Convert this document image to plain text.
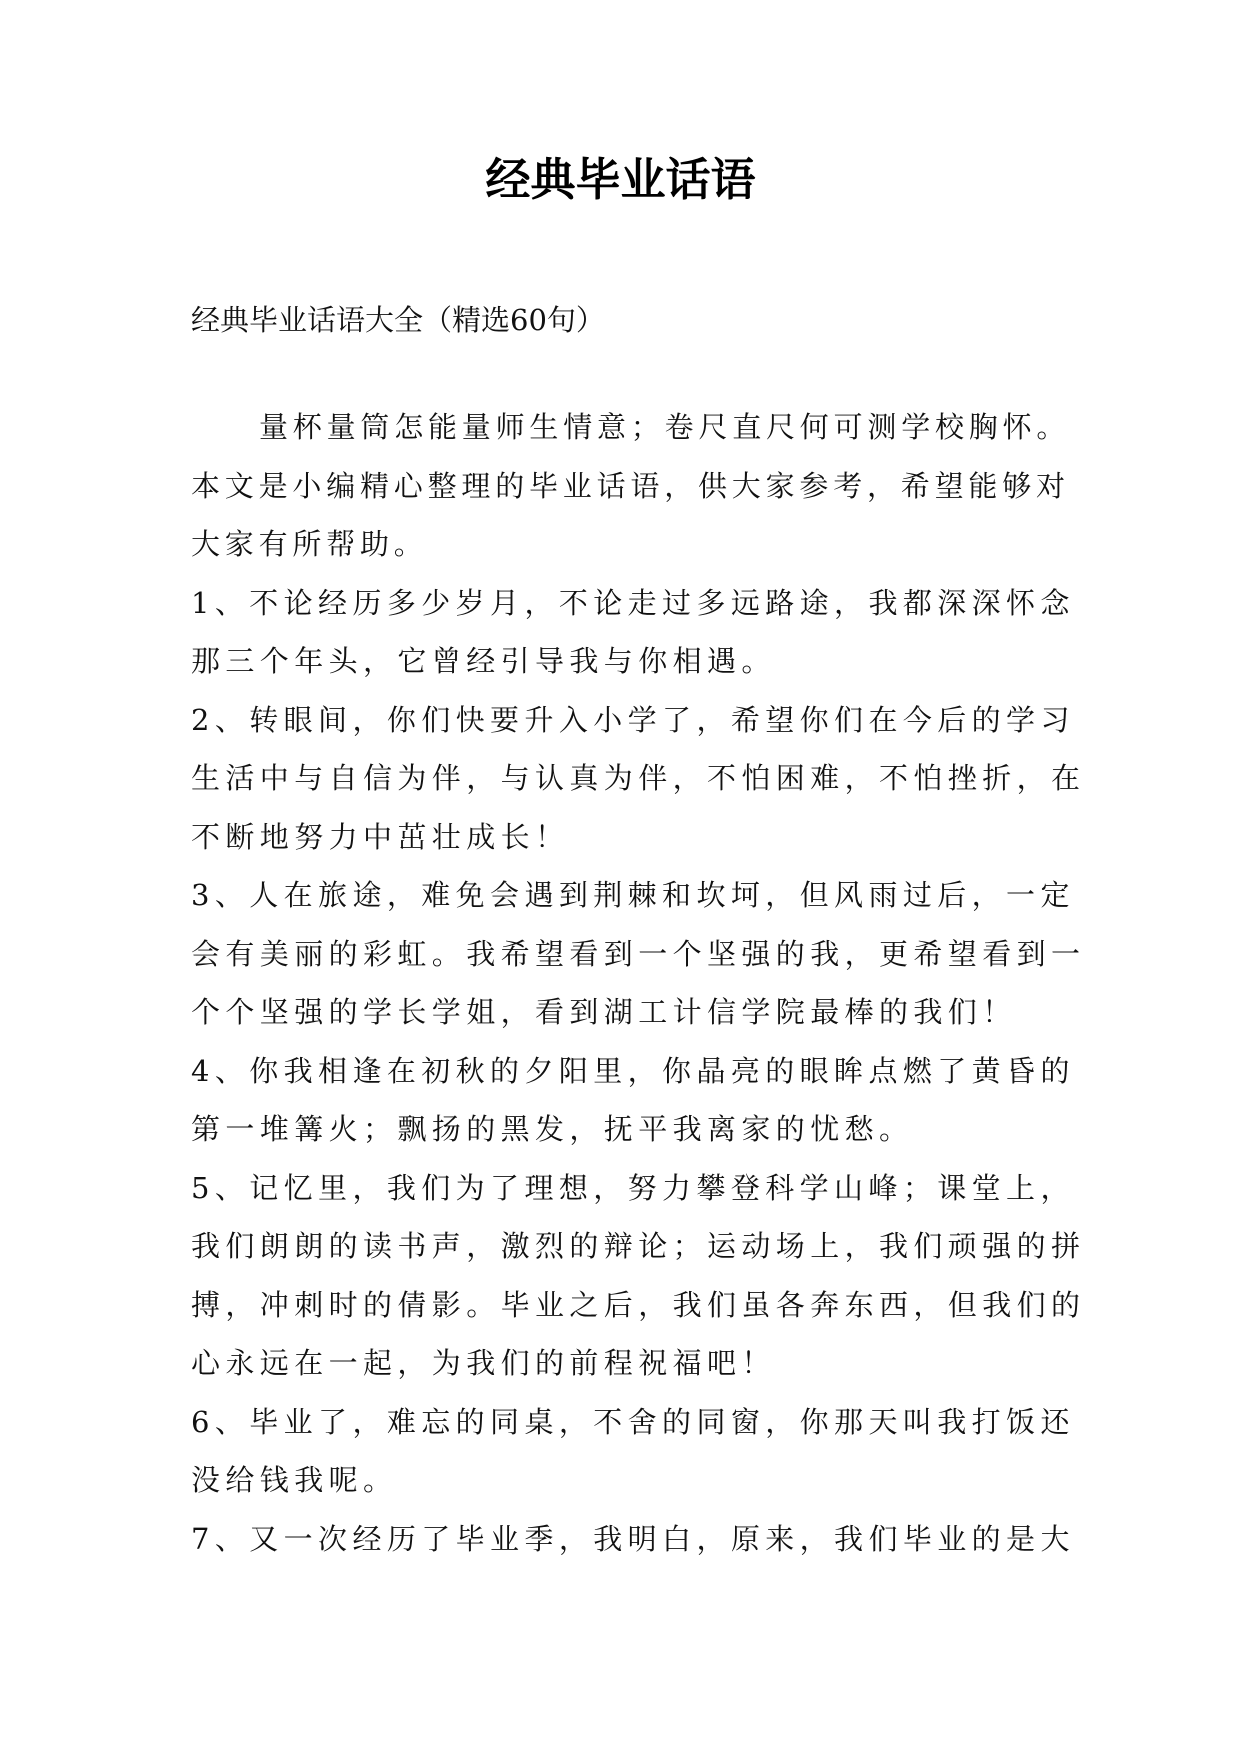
经典毕业话语

经典毕业话语大全（精选60句）

量杯量筒怎能量师生情意；卷尺直尺何可测学校胸怀。本文是小编精心整理的毕业话语，供大家参考，希望能够对大家有所帮助。

1、不论经历多少岁月，不论走过多远路途，我都深深怀念那三个年头，它曾经引导我与你相遇。

2、转眼间，你们快要升入小学了，希望你们在今后的学习生活中与自信为伴，与认真为伴，不怕困难，不怕挫折，在不断地努力中茁壮成长！

3、人在旅途，难免会遇到荆棘和坎坷，但风雨过后，一定会有美丽的彩虹。我希望看到一个坚强的我，更希望看到一个个坚强的学长学姐，看到湖工计信学院最棒的我们！

4、你我相逢在初秋的夕阳里，你晶亮的眼眸点燃了黄昏的第一堆篝火；飘扬的黑发，抚平我离家的忧愁。

5、记忆里，我们为了理想，努力攀登科学山峰；课堂上，我们朗朗的读书声，激烈的辩论；运动场上，我们顽强的拼搏，冲刺时的倩影。毕业之后，我们虽各奔东西，但我们的心永远在一起，为我们的前程祝福吧！

6、毕业了，难忘的同桌，不舍的同窗，你那天叫我打饭还没给钱我呢。

7、又一次经历了毕业季，我明白，原来，我们毕业的是大
